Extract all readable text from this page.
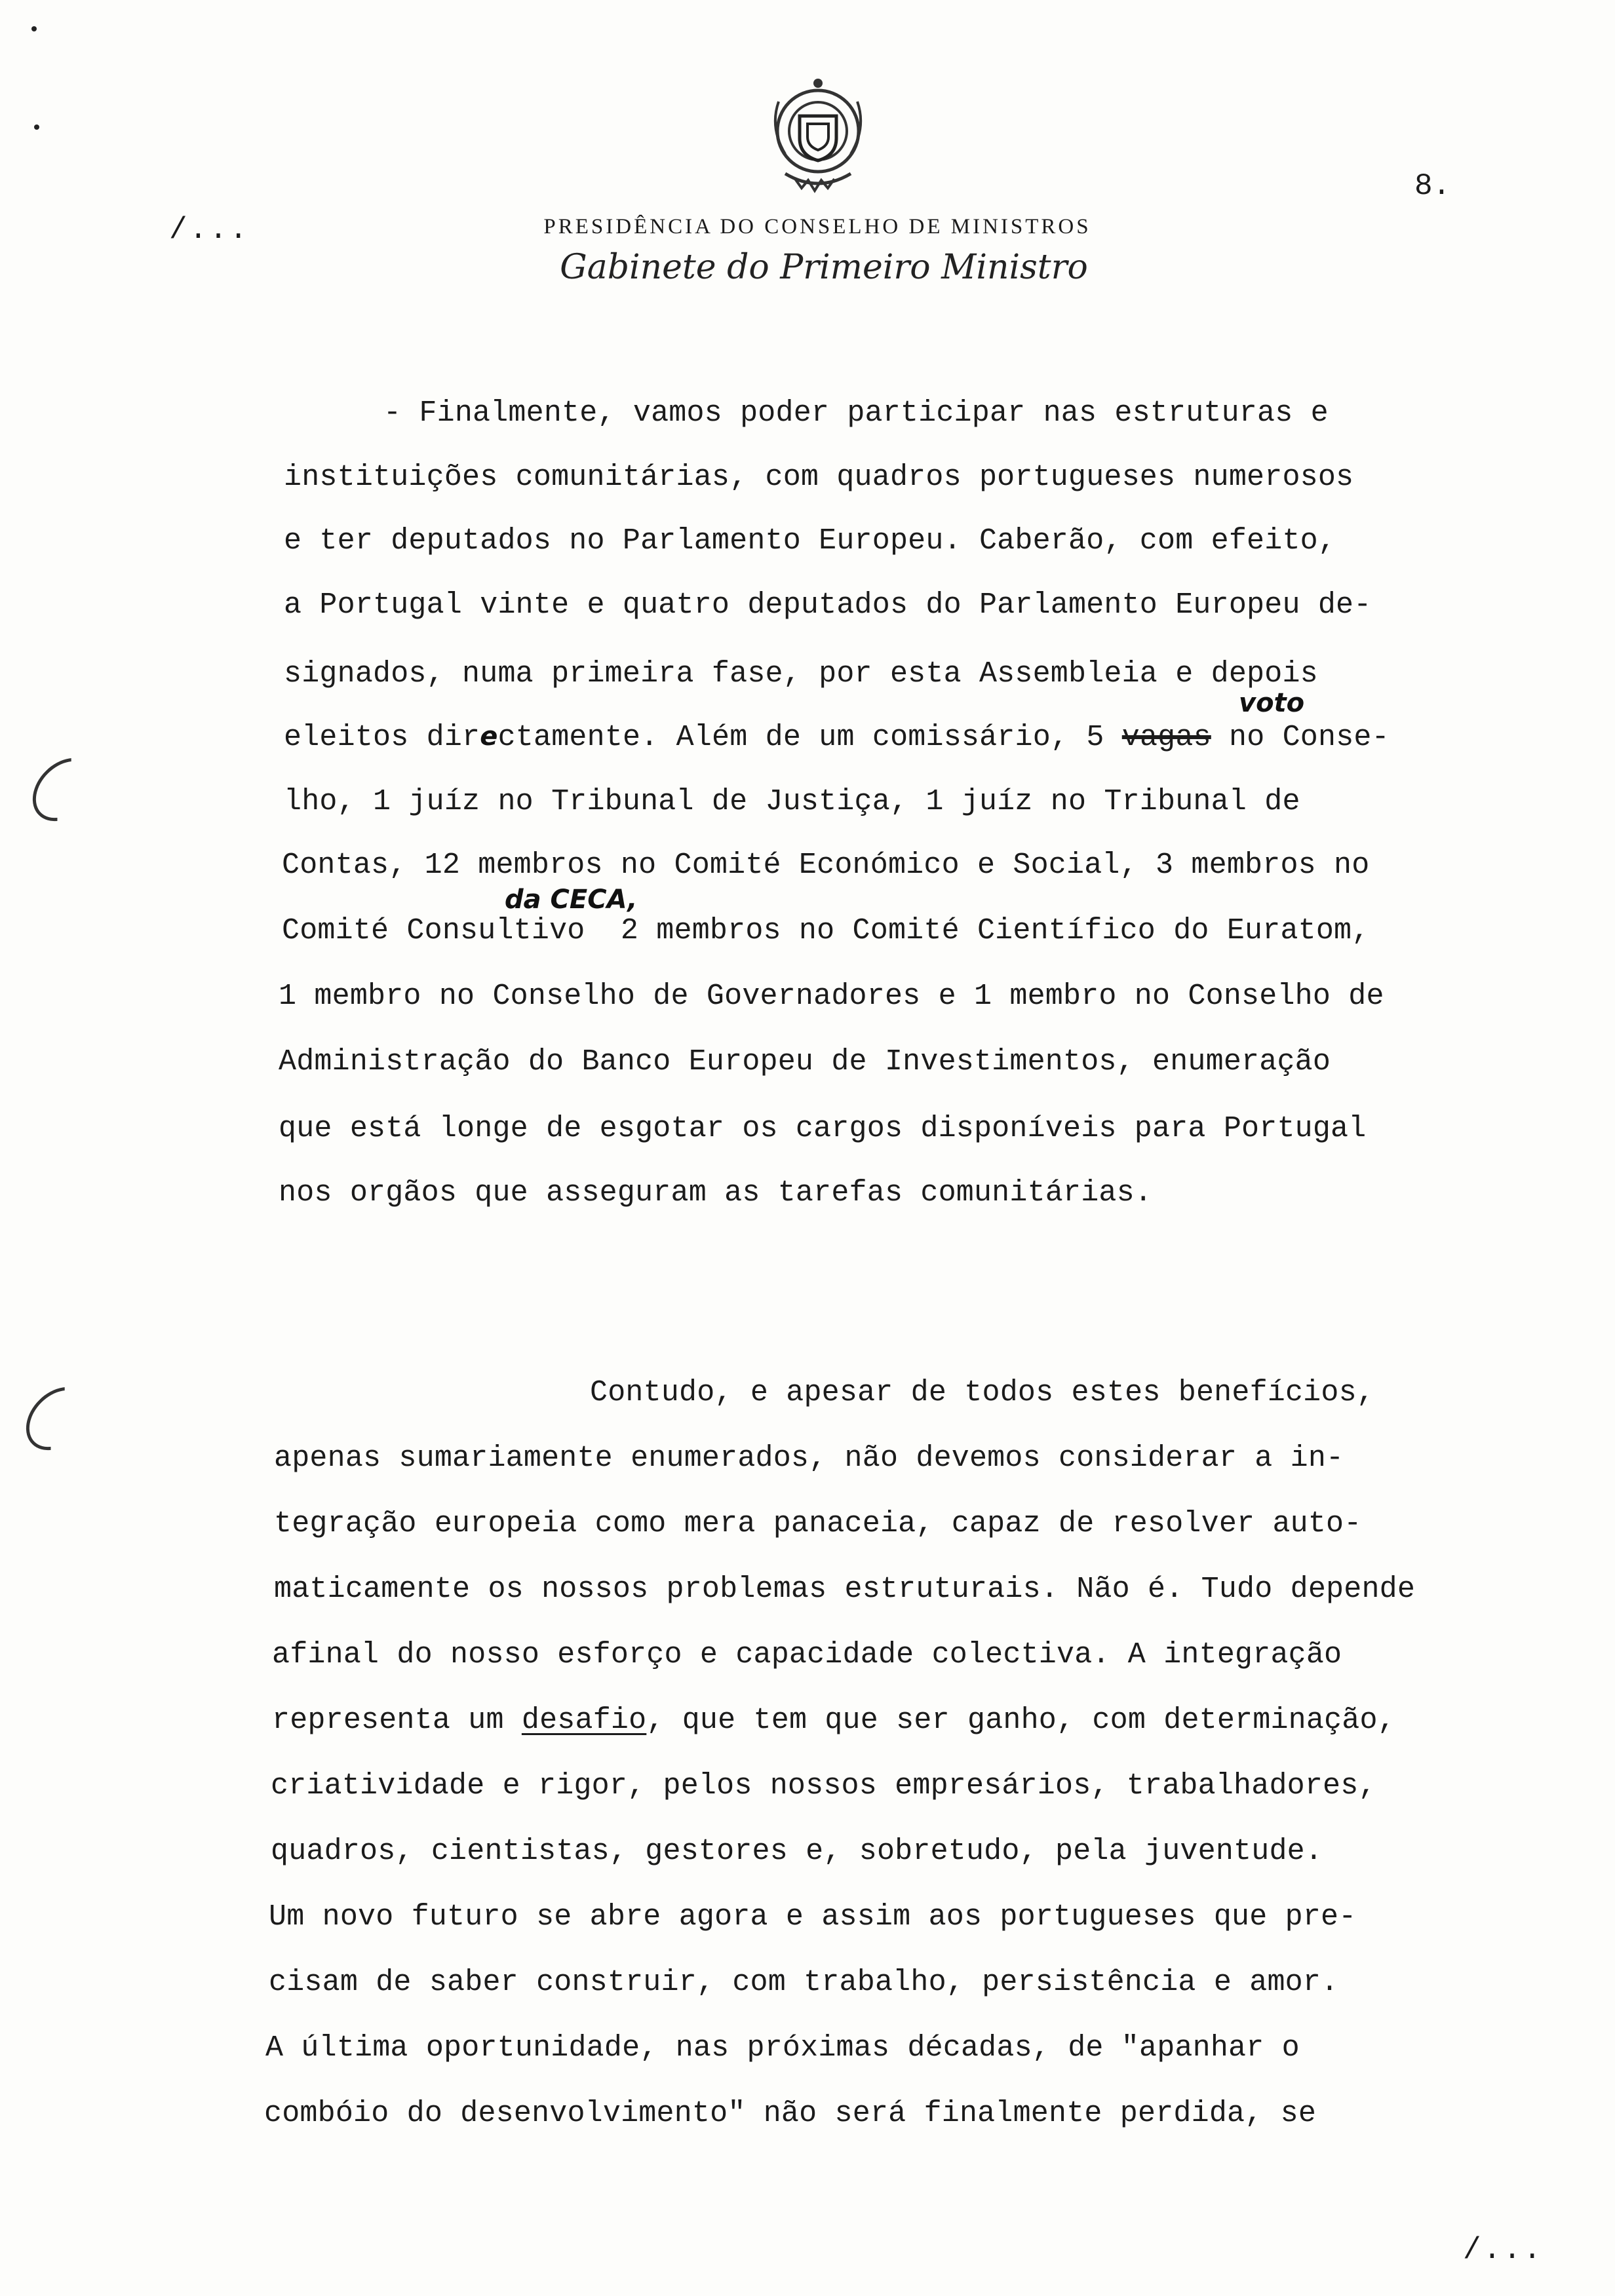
8.
/...	PRESIDÊNCIA DO CONSELHO DE MINISTROS
Gabinete do Primeiro Ministro
- Finalmente, vamos poder participar nas estruturas e
instituições comunitárias, com quadros portugueses numerosos
e ter deputados no Parlamento Europeu. Caberão, com efeito,
a Portugal vinte e quatro deputados do Parlamento Europeu de-
signados, numa primeira fase, por esta Assembleia e depois
voto
eleitos directamente. Além de um comissário, 5 vagas no Conse-
lho, 1 juíz no Tribunal de Justiça, 1 juíz no Tribunal de
Contas, 12 membros no Comité Económico e Social, 3 membros no
da CECA,
Comité Consultivo  2 membros no Comité Científico do Euratom,
1 membro no Conselho de Governadores e 1 membro no Conselho de
Administração do Banco Europeu de Investimentos, enumeração
que está longe de esgotar os cargos disponíveis para Portugal
nos orgãos que asseguram as tarefas comunitárias.
Contudo, e apesar de todos estes benefícios,
apenas sumariamente enumerados, não devemos considerar a in-
tegração europeia como mera panaceia, capaz de resolver auto-
maticamente os nossos problemas estruturais. Não é. Tudo depende
afinal do nosso esforço e capacidade colectiva. A integração
representa um desafio, que tem que ser ganho, com determinação,
criatividade e rigor, pelos nossos empresários, trabalhadores,
quadros, cientistas, gestores e, sobretudo, pela juventude.
Um novo futuro se abre agora e assim aos portugueses que pre-
cisam de saber construir, com trabalho, persistência e amor.
A última oportunidade, nas próximas décadas, de "apanhar o
combóio do desenvolvimento" não será finalmente perdida, se
/...
